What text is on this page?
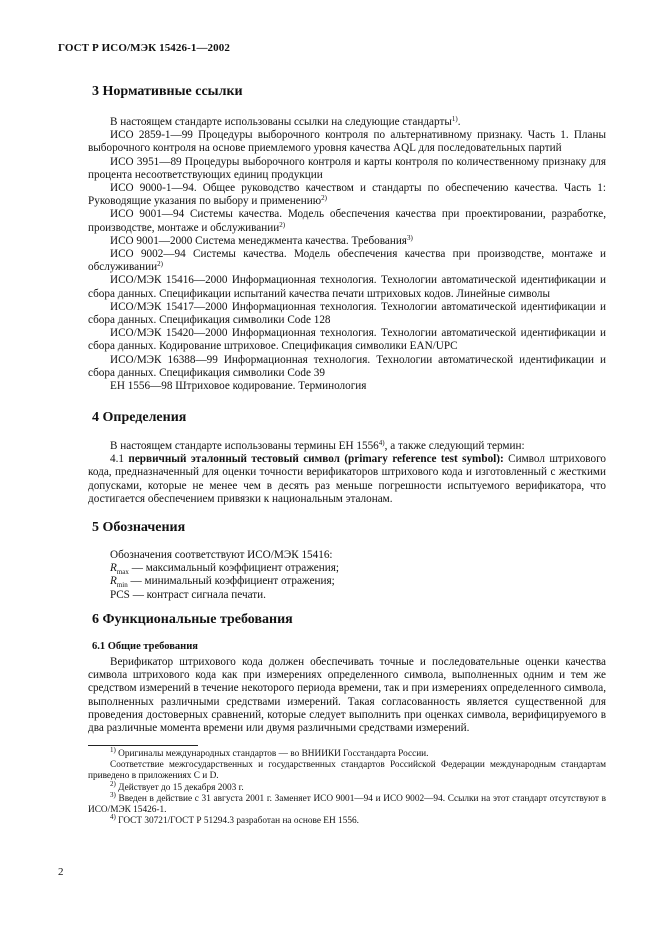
ГОСТ Р ИСО/МЭК 15426-1—2002
3 Нормативные ссылки

В настоящем стандарте использованы ссылки на следующие стандарты$^{1)}$.

ИСО 2859-1—99 Процедуры выборочного контроля по альтернативному признаку. Часть 1. Планы выборочного контроля на основе приемлемого уровня качества AQL для последовательных партий

ИСО 3951—89 Процедуры выборочного контроля и карты контроля по количественному признаку для процента несоответствующих единиц продукции

ИСО 9000-1—94. Общее руководство качеством и стандарты по обеспечению качества. Часть 1: Руководящие указания по выбору и применению$^{2)}$

ИСО 9001—94 Системы качества. Модель обеспечения качества при проектировании, разработке, производстве, монтаже и обслуживании$^{2)}$

ИСО 9001—2000 Система менеджмента качества. Требования$^{3)}$

ИСО 9002—94 Системы качества. Модель обеспечения качества при производстве, монтаже и обслуживании$^{2)}$

ИСО/МЭК 15416—2000 Информационная технология. Технологии автоматической идентификации и сбора данных. Спецификации испытаний качества печати штриховых кодов. Линейные символы

ИСО/МЭК 15417—2000 Информационная технология. Технологии автоматической идентификации и сбора данных. Спецификация символики Code 128

ИСО/МЭК 15420—2000 Информационная технология. Технологии автоматической идентификации и сбора данных. Кодирование штриховое. Спецификация символики EAN/UPC

ИСО/МЭК 16388—99 Информационная технология. Технологии автоматической идентификации и сбора данных. Спецификация символики Code 39

ЕН 1556—98 Штриховое кодирование. Терминология

4 Определения

В настоящем стандарте использованы термины ЕН 1556$^{4)}$, а также следующий термин:

4.1 первичный эталонный тестовый символ (primary reference test symbol): Символ штрихового кода, предназначенный для оценки точности верификаторов штрихового кода и изготовленный с жесткими допусками, которые не менее чем в десять раз меньше погрешности испытуемого верификатора, что достигается обеспечением привязки к национальным эталонам.

5 Обозначения

Обозначения соответствуют ИСО/МЭК 15416:

$R_{max}$ — максимальный коэффициент отражения;

$R_{min}$ — минимальный коэффициент отражения;

PCS — контраст сигнала печати.

6 Функциональные требования
6.1 Общие требования

Верификатор штрихового кода должен обеспечивать точные и последовательные оценки качества символа штрихового кода как при измерениях определенного символа, выполненных одним и тем же средством измерений в течение некоторого периода времени, так и при измерениях определенного символа, выполненных различными средствами измерений. Такая согласованность является существенной для проведения достоверных сравнений, которые следует выполнить при оценках символа, верифицируемого в два различные момента времени или двумя различными средствами измерений.

$^{1)}$ Оригиналы международных стандартов — во ВНИИКИ Госстандарта России.

Соответствие межгосударственных и государственных стандартов Российской Федерации международным стандартам приведено в приложениях С и D.

$^{2)}$ Действует до 15 декабря 2003 г.

$^{3)}$ Введен в действие с 31 августа 2001 г. Заменяет ИСО 9001—94 и ИСО 9002—94. Ссылки на этот стандарт отсутствуют в ИСО/МЭК 15426-1.

$^{4)}$ ГОСТ 30721/ГОСТ Р 51294.3 разработан на основе ЕН 1556.

2
